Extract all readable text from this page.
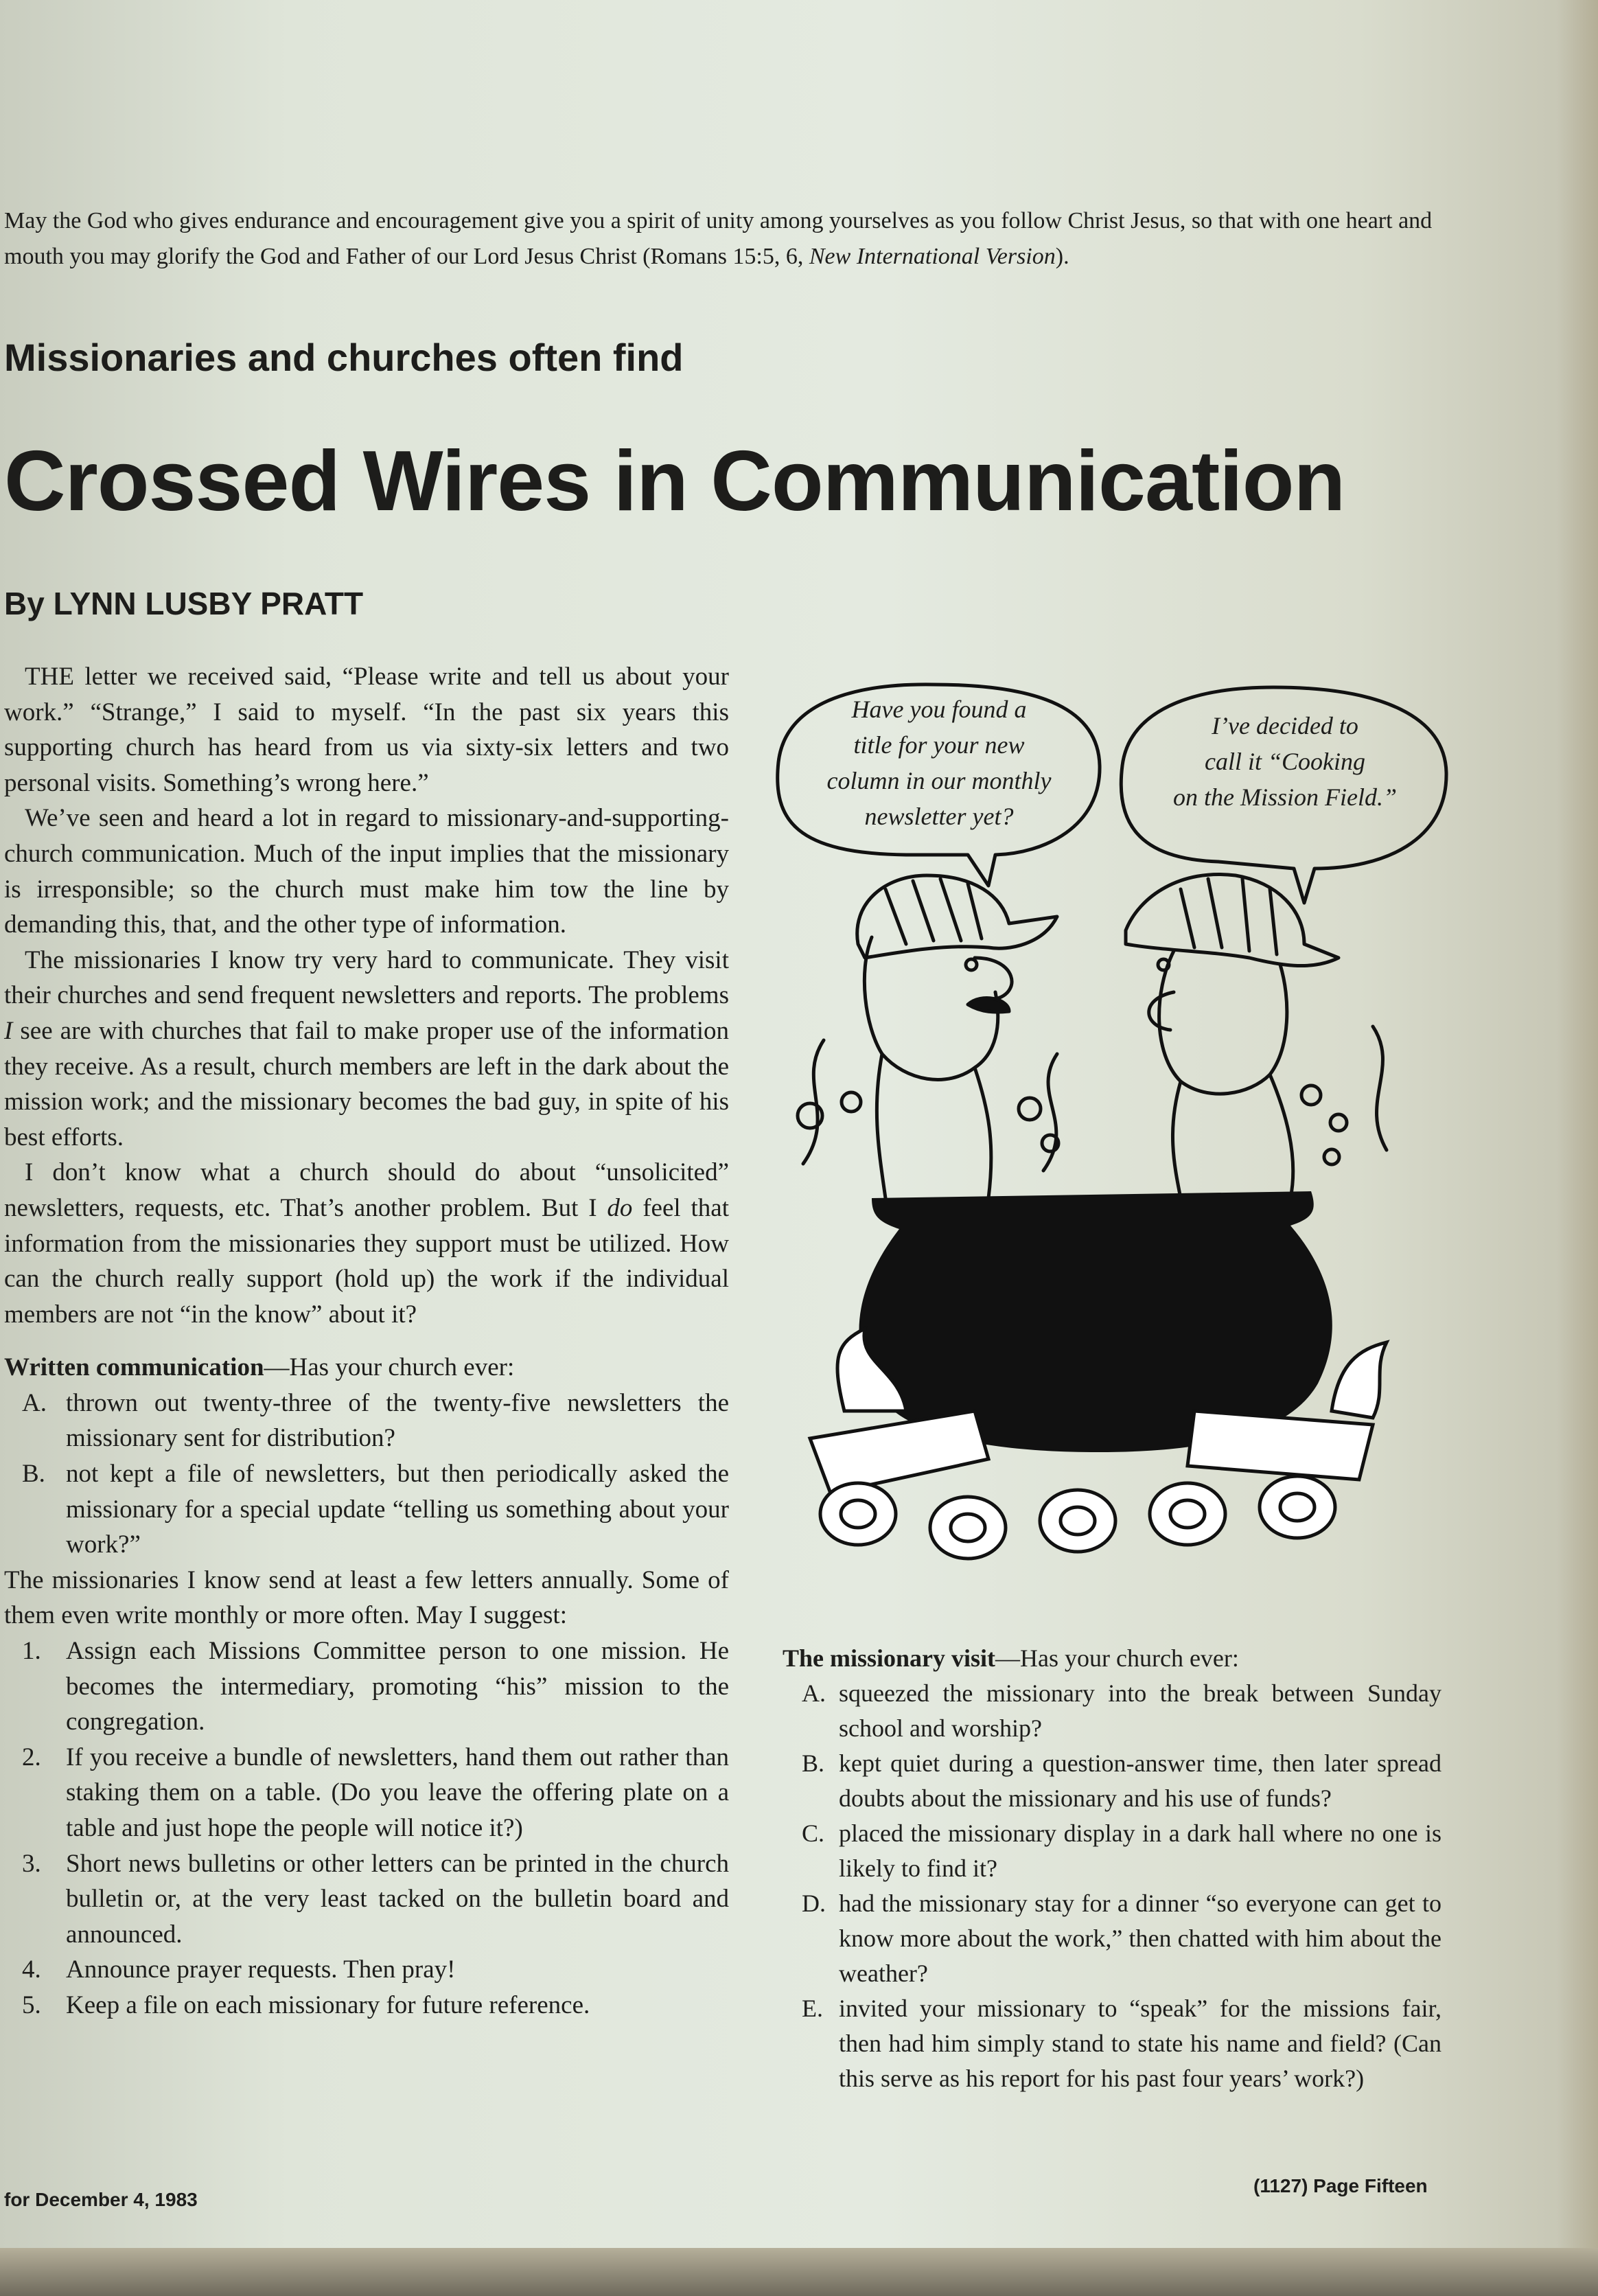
May the God who gives endurance and encouragement give you a spirit of unity among yourselves as you follow Christ Jesus, so that with one heart and mouth you may glorify the God and Father of our Lord Jesus Christ (Romans 15:5, 6, New International Version).

Missionaries and churches often find
Crossed Wires in Communication
By LYNN LUSBY PRATT

THE letter we received said, “Please write and tell us about your work.” “Strange,” I said to myself. “In the past six years this supporting church has heard from us via sixty-six letters and two personal visits. Something’s wrong here.”

We’ve seen and heard a lot in regard to missionary-and-supporting-church communication. Much of the input implies that the missionary is irresponsible; so the church must make him tow the line by demanding this, that, and the other type of information.

The missionaries I know try very hard to communicate. They visit their churches and send frequent newsletters and reports. The problems I see are with churches that fail to make proper use of the information they receive. As a result, church members are left in the dark about the mission work; and the missionary becomes the bad guy, in spite of his best efforts.

I don’t know what a church should do about “unsolicited” newsletters, requests, etc. That’s another problem. But I do feel that information from the missionaries they support must be utilized. How can the church really support (hold up) the work if the individual members are not “in the know” about it?

Written communication—Has your church ever:

A. thrown out twenty-three of the twenty-five newsletters the missionary sent for distribution?
B. not kept a file of newsletters, but then periodically asked the missionary for a special update “telling us something about your work?”

The missionaries I know send at least a few letters annually. Some of them even write monthly or more often. May I suggest:

1. Assign each Missions Committee person to one mission. He becomes the intermediary, promoting “his” mission to the congregation.
2. If you receive a bundle of newsletters, hand them out rather than staking them on a table. (Do you leave the offering plate on a table and just hope the people will notice it?)
3. Short news bulletins or other letters can be printed in the church bulletin or, at the very least tacked on the bulletin board and announced.
4. Announce prayer requests. Then pray!
5. Keep a file on each missionary for future reference.
Have you found a
title for your new
column in our monthly
newsletter yet?
I’ve decided to
call it “Cooking
on the Mission Field.”

The missionary visit—Has your church ever:

A. squeezed the missionary into the break between Sunday school and worship?
B. kept quiet during a question-answer time, then later spread doubts about the missionary and his use of funds?
C. placed the missionary display in a dark hall where no one is likely to find it?
D. had the missionary stay for a dinner “so everyone can get to know more about the work,” then chatted with him about the weather?
E. invited your missionary to “speak” for the missions fair, then had him simply stand to state his name and field? (Can this serve as his report for his past four years’ work?)
for December 4, 1983
(1127) Page Fifteen
